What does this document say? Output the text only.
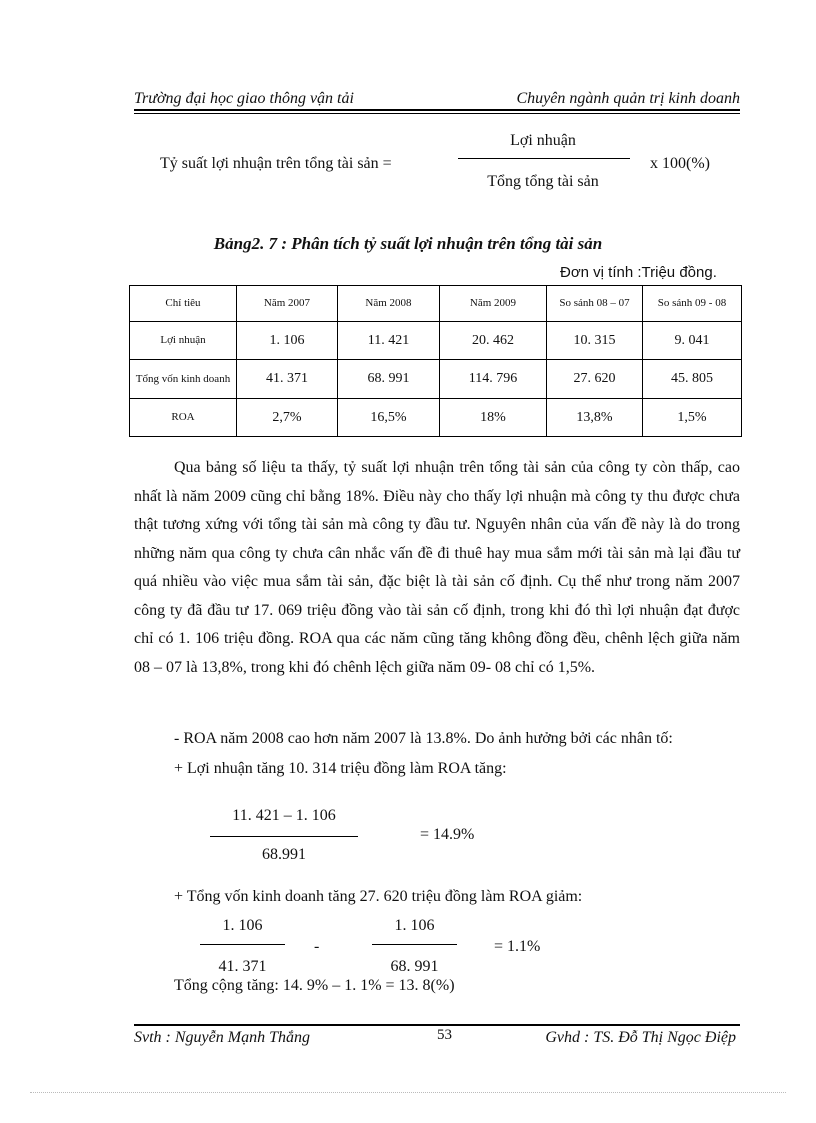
Trường đại học giao thông vận tải	Chuyên ngành quản trị kinh doanh
Tỷ suất lợi nhuận trên tổng tài sản =
Lợi nhuận
Tổng tổng tài sản
x 100(%)
Bảng2. 7 : Phân tích tỷ suất lợi nhuận trên tổng tài sản
Đơn vị tính :Triệu đồng.
Chỉ tiêu	Năm 2007	Năm 2008	Năm 2009	So sánh 08 – 07	So sánh 09 - 08
Lợi nhuận	1. 106	11. 421	20. 462	10. 315	9. 041
Tổng vốn kinh doanh	41. 371	68. 991	114. 796	27. 620	45. 805
ROA	2,7%	16,5%	18%	13,8%	1,5%
Qua bảng số liệu ta thấy, tỷ suất lợi nhuận trên tổng tài sản của công ty còn thấp, cao nhất là năm 2009 cũng chỉ bằng 18%. Điều này cho thấy lợi nhuận mà công ty thu được chưa thật tương xứng với tổng tài sản mà công ty đầu tư. Nguyên nhân của vấn đề này là do trong những năm qua công ty chưa cân nhắc vấn đề đi thuê hay mua sắm mới tài sản mà lại đầu tư quá nhiều vào việc mua sắm tài sản, đặc biệt là tài sản cố định. Cụ thể như trong năm 2007 công ty đã đầu tư 17. 069 triệu đồng vào tài sản cố định, trong khi đó thì lợi nhuận đạt được chỉ có 1. 106 triệu đồng. ROA qua các năm cũng tăng không đồng đều, chênh lệch giữa năm 08 – 07 là 13,8%, trong khi đó chênh lệch giữa năm 09- 08 chỉ có 1,5%.
- ROA năm 2008 cao hơn năm 2007 là 13.8%. Do ảnh hưởng bởi các nhân tố:
+ Lợi nhuận tăng 10. 314 triệu đồng làm ROA tăng:
11. 421 – 1. 106
68.991
= 14.9%
+ Tổng vốn kinh doanh tăng 27. 620 triệu đồng làm ROA giảm:
1. 106
41. 371
-
1. 106
68. 991
= 1.1%
Tổng cộng tăng: 14. 9% – 1. 1% = 13. 8(%)
Svth : Nguyễn Mạnh Thắng	53	Gvhd : TS. Đỗ Thị Ngọc Điệp
